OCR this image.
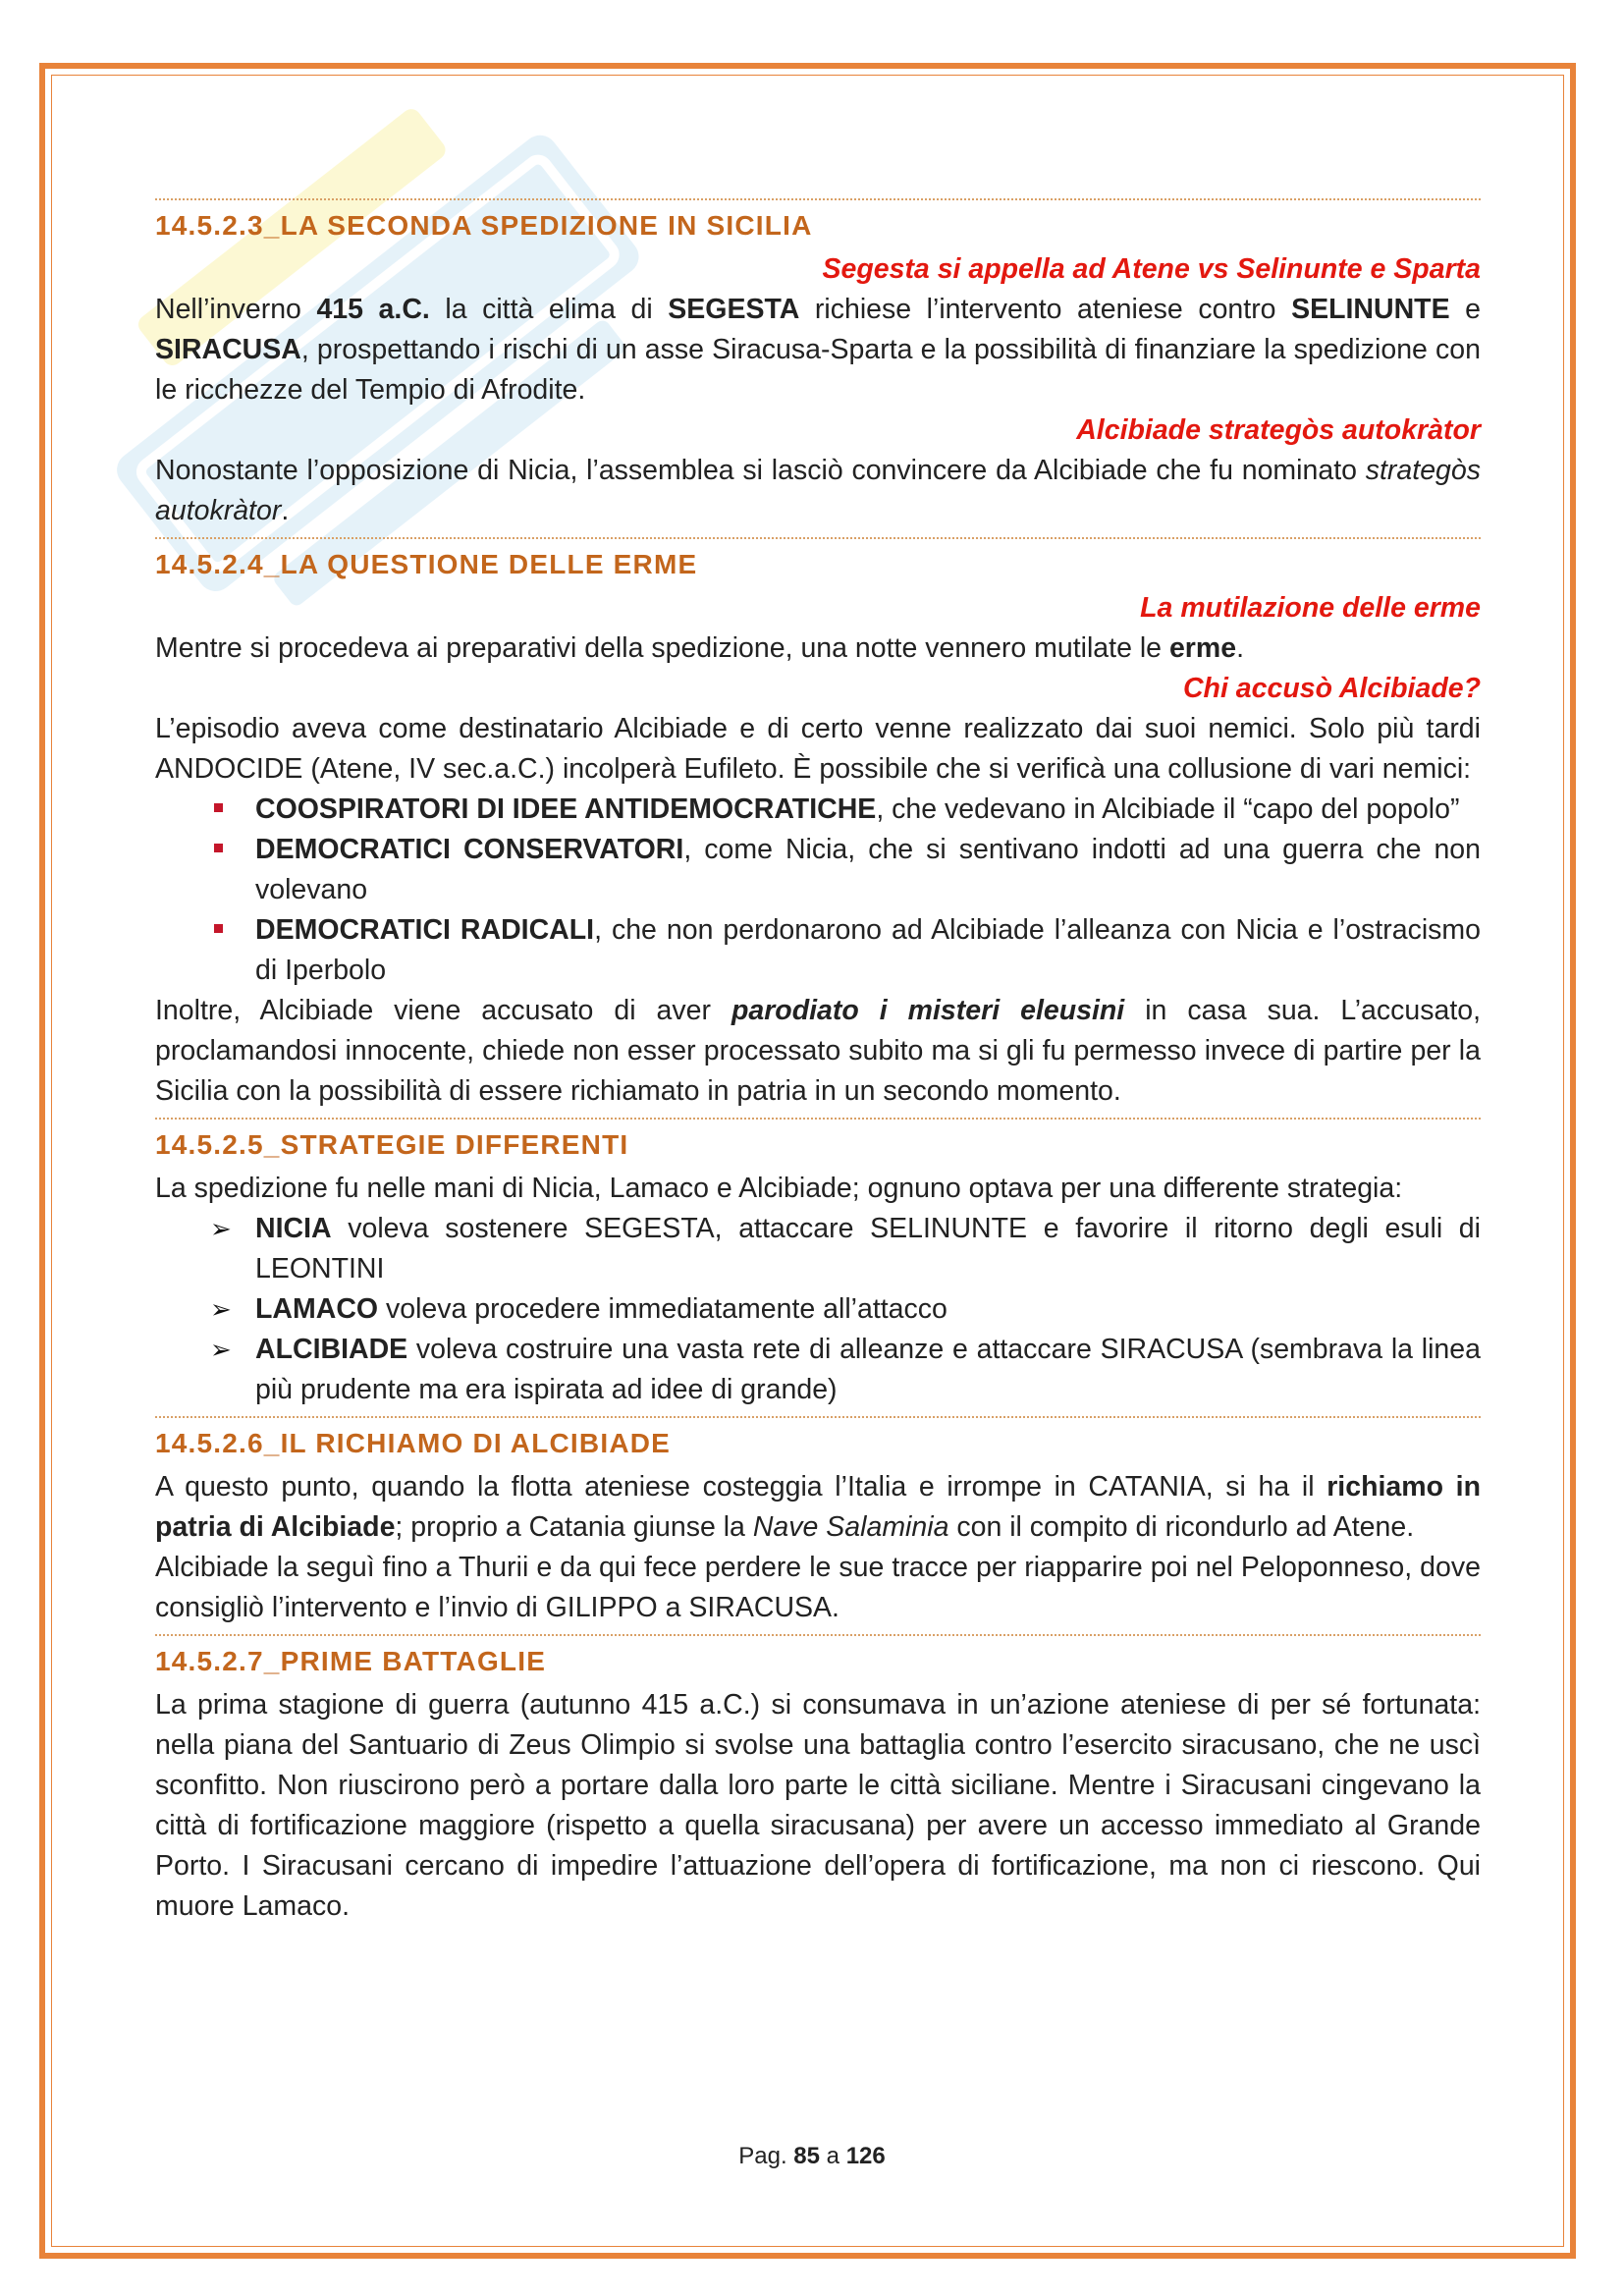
14.5.2.3_LA SECONDA SPEDIZIONE IN SICILIA
Segesta si appella ad Atene vs Selinunte e Sparta

Nell’inverno 415 a.C. la città elima di SEGESTA richiese l’intervento ateniese contro SELINUNTE e SIRACUSA, prospettando i rischi di un asse Siracusa-Sparta e la possibilità di finanziare la spedizione con le ricchezze del Tempio di Afrodite.

Alcibiade strategòs autokràtor

Nonostante l’opposizione di Nicia, l’assemblea si lasciò convincere da Alcibiade che fu nominato strategòs autokràtor.

14.5.2.4_LA QUESTIONE DELLE ERME
La mutilazione delle erme

Mentre si procedeva ai preparativi della spedizione, una notte vennero mutilate le erme.

Chi accusò Alcibiade?

L’episodio aveva come destinatario Alcibiade e di certo venne realizzato dai suoi nemici. Solo più tardi ANDOCIDE (Atene, IV sec.a.C.) incolperà Eufileto. È possibile che si verificà una collusione di vari nemici:

COOSPIRATORI DI IDEE ANTIDEMOCRATICHE, che vedevano in Alcibiade il “capo del popolo”
DEMOCRATICI CONSERVATORI, come Nicia, che si sentivano indotti ad una guerra che non volevano
DEMOCRATICI RADICALI, che non perdonarono ad Alcibiade l’alleanza con Nicia e l’ostracismo di Iperbolo

Inoltre, Alcibiade viene accusato di aver parodiato i misteri eleusini in casa sua. L’accusato, proclamandosi innocente, chiede non esser processato subito ma si gli fu permesso invece di partire per la Sicilia con la possibilità di essere richiamato in patria in un secondo momento.

14.5.2.5_STRATEGIE DIFFERENTI

La spedizione fu nelle mani di Nicia, Lamaco e Alcibiade; ognuno optava per una differente strategia:

➢ NICIA voleva sostenere SEGESTA, attaccare SELINUNTE e favorire il ritorno degli esuli di LEONTINI
➢ LAMACO voleva procedere immediatamente all’attacco
➢ ALCIBIADE voleva costruire una vasta rete di alleanze e attaccare SIRACUSA (sembrava la linea più prudente ma era ispirata ad idee di grande)
14.5.2.6_IL RICHIAMO DI ALCIBIADE

A questo punto, quando la flotta ateniese costeggia l’Italia e irrompe in CATANIA, si ha il richiamo in patria di Alcibiade; proprio a Catania giunse la Nave Salaminia con il compito di ricondurlo ad Atene.

Alcibiade la seguì fino a Thurii e da qui fece perdere le sue tracce per riapparire poi nel Peloponneso, dove consigliò l’intervento e l’invio di GILIPPO a SIRACUSA.

14.5.2.7_PRIME BATTAGLIE

La prima stagione di guerra (autunno 415 a.C.) si consumava in un’azione ateniese di per sé fortunata: nella piana del Santuario di Zeus Olimpio si svolse una battaglia contro l’esercito siracusano, che ne uscì sconfitto. Non riuscirono però a portare dalla loro parte le città siciliane. Mentre i Siracusani cingevano la città di fortificazione maggiore (rispetto a quella siracusana) per avere un accesso immediato al Grande Porto. I Siracusani cercano di impedire l’attuazione dell’opera di fortificazione, ma non ci riescono. Qui muore Lamaco.

Pag. 85 a 126
